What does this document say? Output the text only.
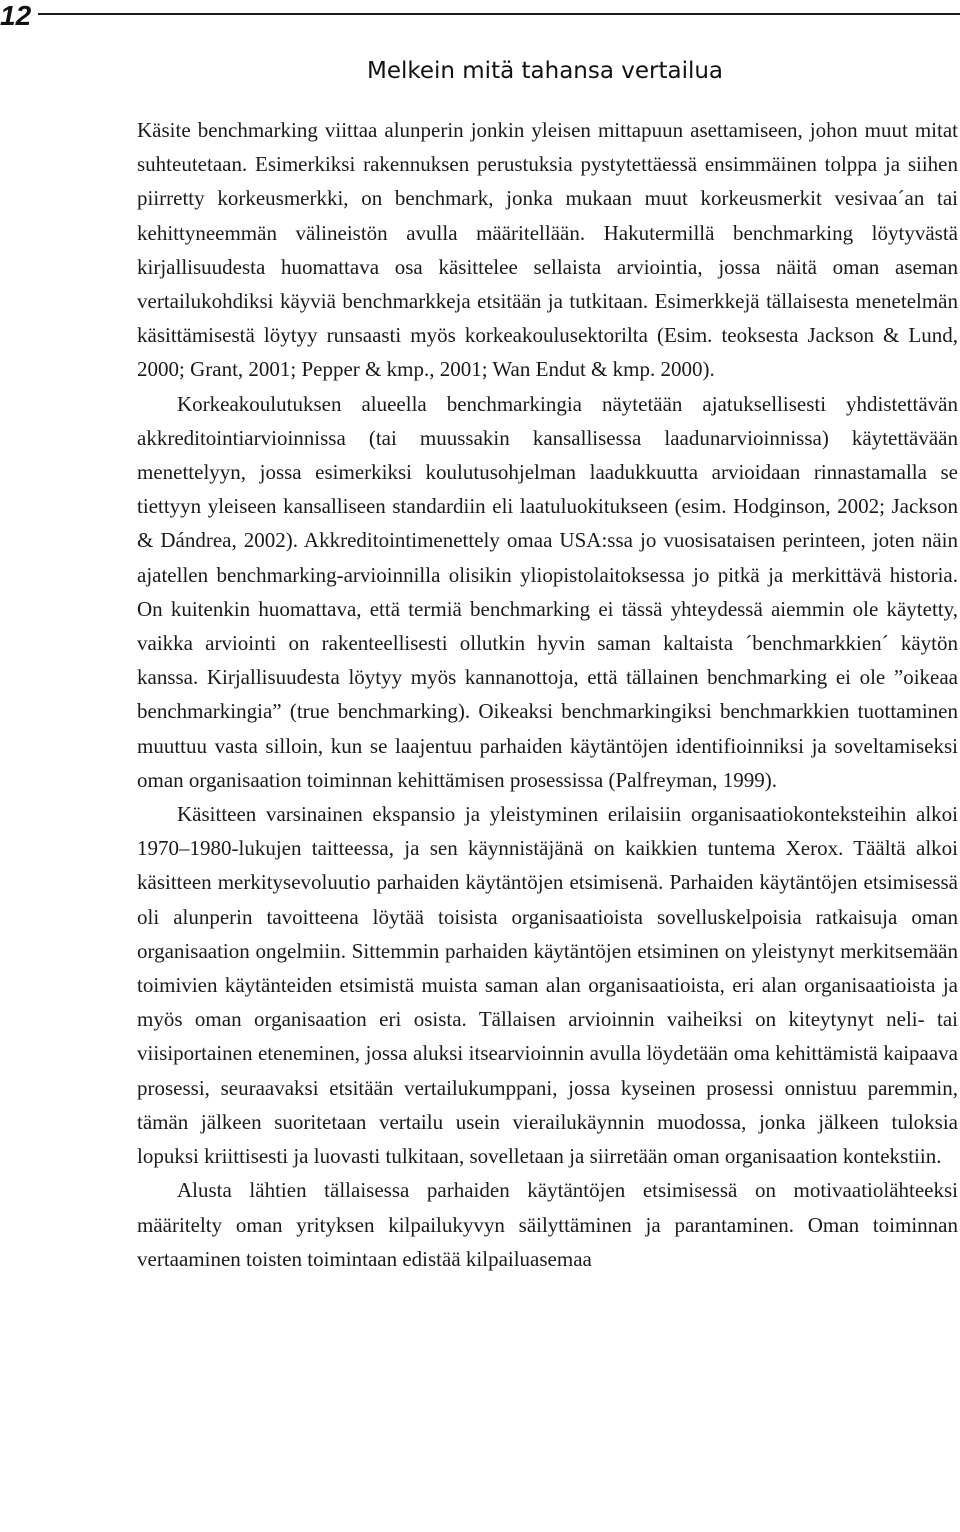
12
Melkein mitä tahansa vertailua

Käsite benchmarking viittaa alunperin jonkin yleisen mittapuun asettamiseen, johon muut mitat suhteutetaan. Esimerkiksi rakennuksen perustuksia pystytettäessä ensimmäinen tolppa ja siihen piirretty korkeusmerkki, on benchmark, jonka mukaan muut korkeusmerkit vesivaa´an tai kehittyneemmän välineistön avulla määritellään. Hakutermillä benchmarking löytyvästä kirjallisuudesta huomattava osa käsittelee sellaista arviointia, jossa näitä oman aseman vertailukohdiksi käyviä benchmarkkeja etsitään ja tutkitaan. Esimerkkejä tällaisesta menetelmän käsittämisestä löytyy runsaasti myös korkeakoulusektorilta (Esim. teoksesta Jackson & Lund, 2000; Grant, 2001; Pepper & kmp., 2001; Wan Endut & kmp. 2000).

Korkeakoulutuksen alueella benchmarkingia näytetään ajatuksellisesti yhdistettävän akkreditointiarvioinnissa (tai muussakin kansallisessa laadunarvioinnissa) käytettävään menettelyyn, jossa esimerkiksi koulutusohjelman laadukkuutta arvioidaan rinnastamalla se tiettyyn yleiseen kansalliseen standardiin eli laatuluokitukseen (esim. Hodginson, 2002; Jackson & Dándrea, 2002). Akkreditointimenettely omaa USA:ssa jo vuosisataisen perinteen, joten näin ajatellen benchmarking-arvioinnilla olisikin yliopistolaitoksessa jo pitkä ja merkittävä historia. On kuitenkin huomattava, että termiä benchmarking ei tässä yhteydessä aiemmin ole käytetty, vaikka arviointi on rakenteellisesti ollutkin hyvin saman kaltaista ´benchmarkkien´ käytön kanssa. Kirjallisuudesta löytyy myös kannanottoja, että tällainen benchmarking ei ole ”oikeaa benchmarkingia” (true benchmarking). Oikeaksi benchmarkingiksi benchmarkkien tuottaminen muuttuu vasta silloin, kun se laajentuu parhaiden käytäntöjen identifioinniksi ja soveltamiseksi oman organisaation toiminnan kehittämisen prosessissa (Palfreyman, 1999).

Käsitteen varsinainen ekspansio ja yleistyminen erilaisiin organisaatiokonteksteihin alkoi 1970–1980-lukujen taitteessa, ja sen käynnistäjänä on kaikkien tuntema Xerox. Täältä alkoi käsitteen merkitysevoluutio parhaiden käytäntöjen etsimisenä. Parhaiden käytäntöjen etsimisessä oli alunperin tavoitteena löytää toisista organisaatioista sovelluskelpoisia ratkaisuja oman organisaation ongelmiin. Sittemmin parhaiden käytäntöjen etsiminen on yleistynyt merkitsemään toimivien käytänteiden etsimistä muista saman alan organisaatioista, eri alan organisaatioista ja myös oman organisaation eri osista. Tällaisen arvioinnin vaiheiksi on kiteytynyt neli- tai viisiportainen eteneminen, jossa aluksi itsearvioinnin avulla löydetään oma kehittämistä kaipaava prosessi, seuraavaksi etsitään vertailukumppani, jossa kyseinen prosessi onnistuu paremmin, tämän jälkeen suoritetaan vertailu usein vierailukäynnin muodossa, jonka jälkeen tuloksia lopuksi kriittisesti ja luovasti tulkitaan, sovelletaan ja siirretään oman organisaation kontekstiin.

Alusta lähtien tällaisessa parhaiden käytäntöjen etsimisessä on motivaatiolähteeksi määritelty oman yrityksen kilpailukyvyn säilyttäminen ja parantaminen. Oman toiminnan vertaaminen toisten toimintaan edistää kilpailuasemaa
